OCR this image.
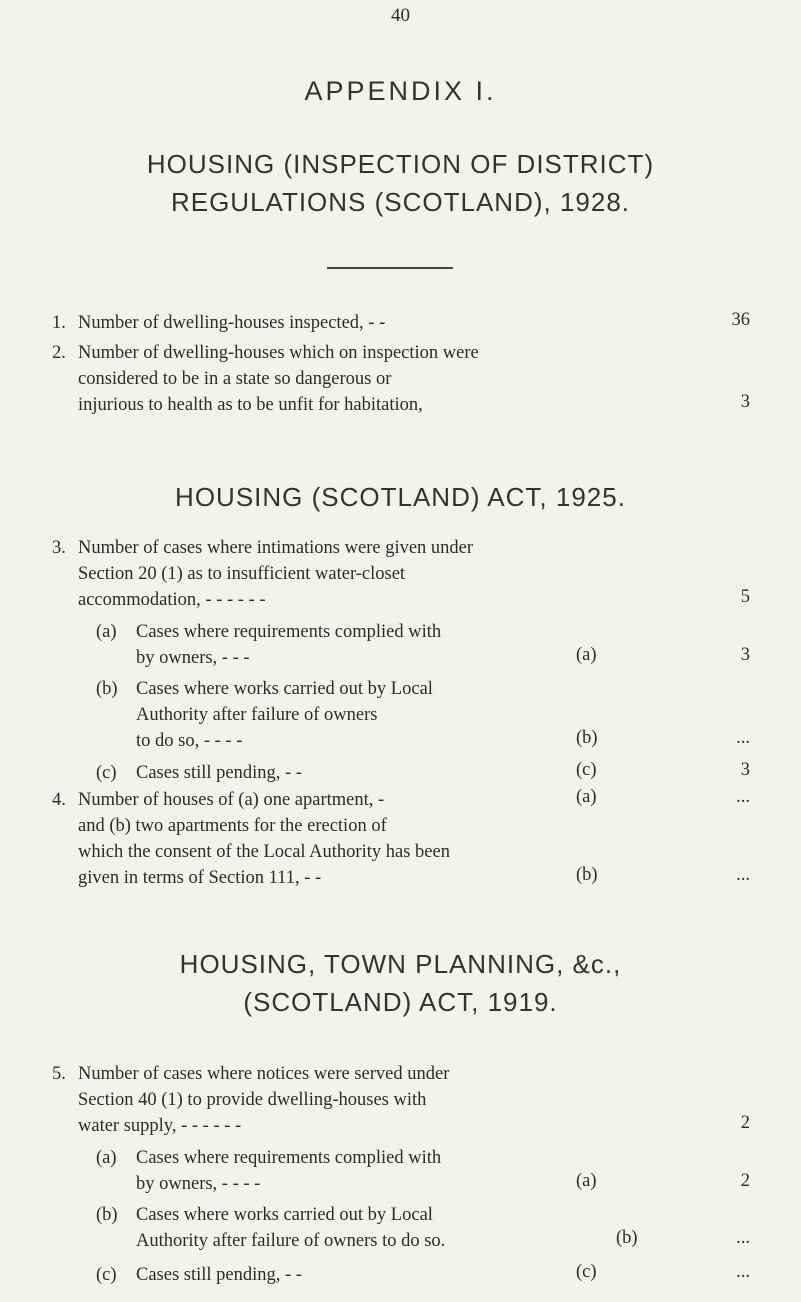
40
APPENDIX I.
HOUSING (INSPECTION OF DISTRICT)
REGULATIONS (SCOTLAND), 1928.
1. Number of dwelling-houses inspected, - -	36
2. Number of dwelling-houses which on inspection were
considered to be in a state so dangerous or
injurious to health as to be unfit for habitation,	3
HOUSING (SCOTLAND) ACT, 1925.
3. Number of cases where intimations were given under
Section 20 (1) as to insufficient water-closet
accommodation, - - - - - -	5
(a) Cases where requirements complied with
by owners, - - -	(a)	3
(b) Cases where works carried out by Local
Authority after failure of owners
to do so, - - - -	(b)	...
(c) Cases still pending, - -	(c)	3
4. Number of houses of (a) one apartment, -
and (b) two apartments for the erection of
which the consent of the Local Authority has been
given in terms of Section 111, - -
(a)	...
(b)	...
HOUSING, TOWN PLANNING, &c.,
(SCOTLAND) ACT, 1919.
5. Number of cases where notices were served under
Section 40 (1) to provide dwelling-houses with
water supply, - - - - - -	2
(a) Cases where requirements complied with
by owners, - - - -	(a)	2
(b) Cases where works carried out by Local
Authority after failure of owners to do so.	(b)	...
(c) Cases still pending, - -	(c)	...
